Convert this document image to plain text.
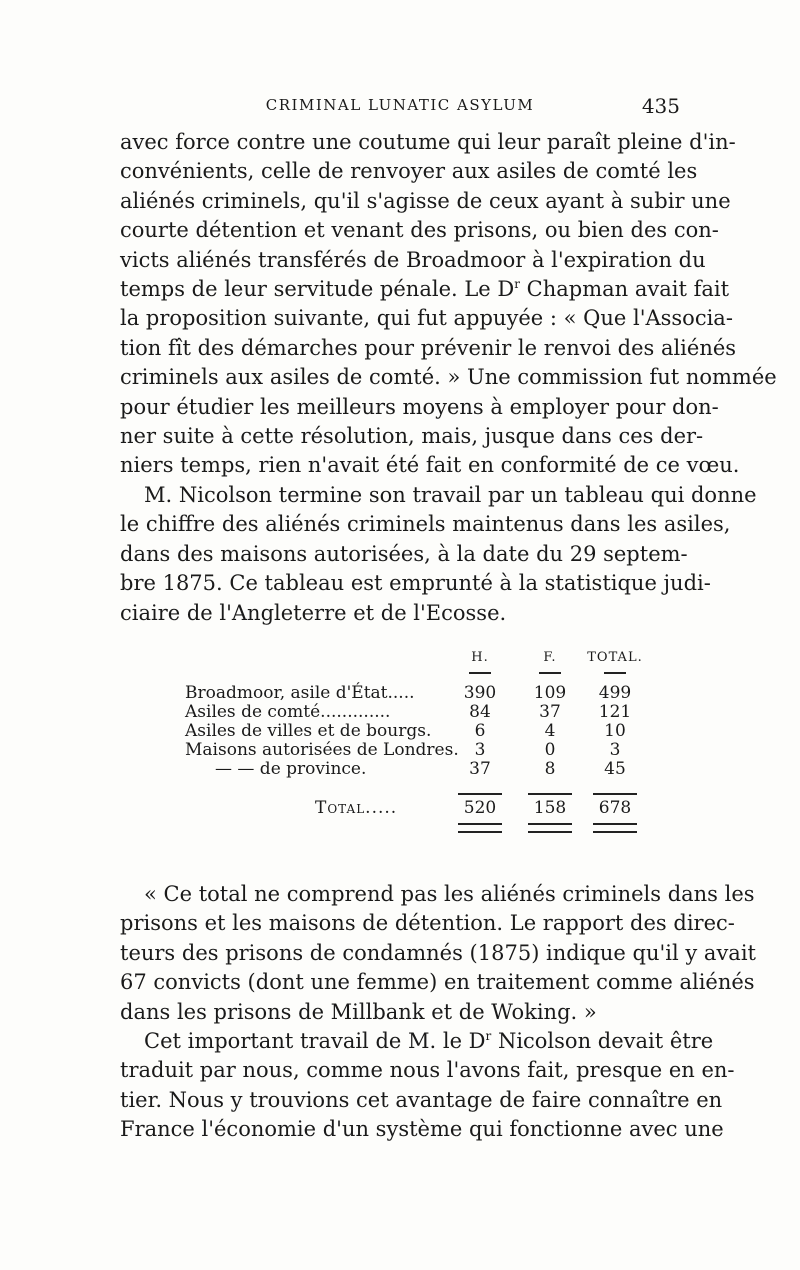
CRIMINAL LUNATIC ASYLUM	435
avec force contre une coutume qui leur paraît pleine d'in-
convénients, celle de renvoyer aux asiles de comté les
aliénés criminels, qu'il s'agisse de ceux ayant à subir une
courte détention et venant des prisons, ou bien des con-
victs aliénés transférés de Broadmoor à l'expiration du
temps de leur servitude pénale. Le $D^r$ Chapman avait fait
la proposition suivante, qui fut appuyée : « Que l'Associa-
tion fît des démarches pour prévenir le renvoi des aliénés
criminels aux asiles de comté. » Une commission fut nommée
pour étudier les meilleurs moyens à employer pour don-
ner suite à cette résolution, mais, jusque dans ces der-
niers temps, rien n'avait été fait en conformité de ce vœu.
M. Nicolson termine son travail par un tableau qui donne
le chiffre des aliénés criminels maintenus dans les asiles,
dans des maisons autorisées, à la date du 29 septem-
bre 1875. Ce tableau est emprunté à la statistique judi-
ciaire de l'Angleterre et de l'Ecosse.
H.	F.	TOTAL.
Broadmoor, asile d'État.....	390	109	499
Asiles de comté.............	84	37	121
Asiles de villes et de bourgs.	6	4	10
Maisons autorisées de Londres. 3	0	3
— — de province.	37	8	45
Total.....	520	158	678
« Ce total ne comprend pas les aliénés criminels dans les
prisons et les maisons de détention. Le rapport des direc-
teurs des prisons de condamnés (1875) indique qu'il y avait
67 convicts (dont une femme) en traitement comme aliénés
dans les prisons de Millbank et de Woking. »
Cet important travail de M. le $D^r$ Nicolson devait être
traduit par nous, comme nous l'avons fait, presque en en-
tier. Nous y trouvions cet avantage de faire connaître en
France l'économie d'un système qui fonctionne avec une
